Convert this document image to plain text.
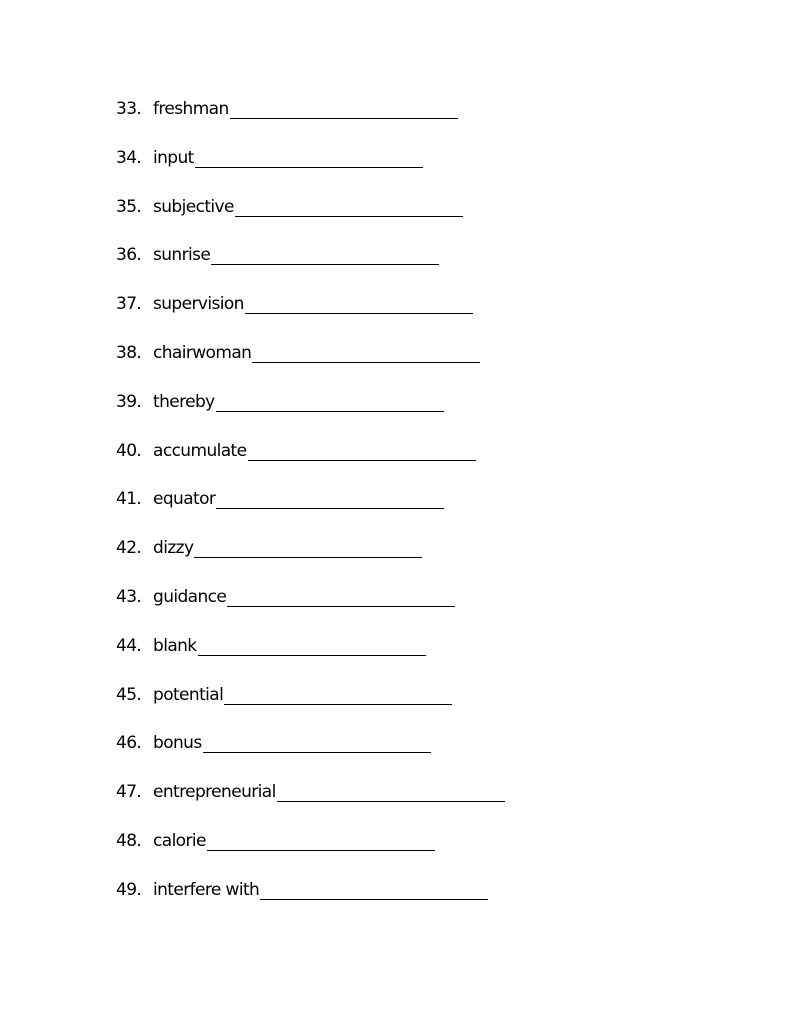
33. freshman
34. input
35. subjective
36. sunrise
37. supervision
38. chairwoman
39. thereby
40. accumulate
41. equator
42. dizzy
43. guidance
44. blank
45. potential
46. bonus
47. entrepreneurial
48. calorie
49. interfere with
